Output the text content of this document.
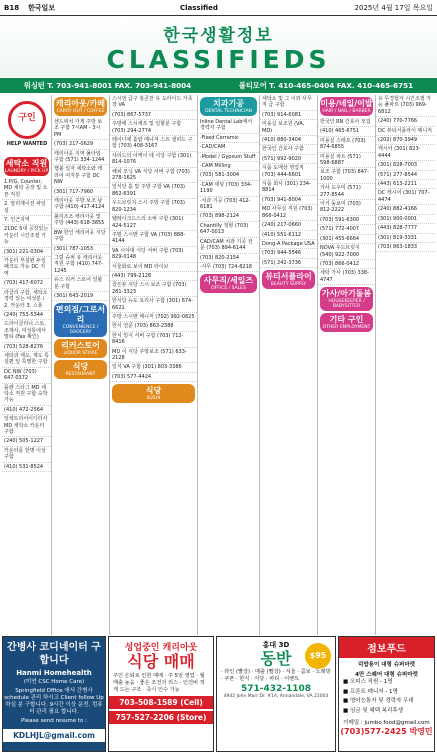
B18	한국일보	Classified	2025년 4월 17일 목요일
한국생활정보
CLASSIFIEDS
워싱턴 T. 703-941-8001 FAX. 703-941-8004	볼티모어 T. 410-465-0404 FAX. 410-465-6751
구인
HELP WANTED
세탁소 직원
LAUNDRY / PICK UP

1.P/G, Counter, MD 세탁 공장 및 오픈 직원

2. 알리제이션 파일설

7. 인근지역

21DC 5대 공장있는 카운터 시간조절 가능

(301) 221-0304

카운터 부설편 두일패크도 가능 DC 지역

(703) 417-6072

라클리 구함, 세탁소경력 있는 여성분 / 2. 카운터 3. 스폿

(240) 753-5344

드라이클리너 스토, 조제사, 여성통에서 멀티 (Fax 확인)

(703) 528-8276

세탁과 제도, 재도 특설편 일 특별한 구함

DC NW (703) 647-0372

플랜 스타그 MD 세탁소 직원 구함 숙박 가능

(410) 472-2564

일렉트리어이디터사 MD 세탁소 카운터 구함

(240) 505-1227

카운터를 한명 이상 구함

(410) 531-8524

캐리아웃/카페
CARRY OUT / COFFEE

센드위치 가게 주방 보조 구함 7시AM - 3시PM

(703) 217-0629

캐리아웃 지역 풀타임 구함 (571) 334-1244

햄볼 일자 세탁소와 캐리어 여자분 구함 DC NW

(301) 717-7960

캐리아웃 주방 보조 남 구함 (410) 417-4124

불리조조 캐리아웃 및 주방 (443) 618-3855

BW 한인 캐리어웃 식당 구함

(301) 787-1053

그릴 슈퍼 유 캐리아웃 직원 구함 (410) 747-1245

유스 리커 스토어 일할 분 구함

(301) 643-2019

편의점/그로서리
CONVENIENCE / GROCERY
리커스토어
LIQUOR STORE
식당
RESTAURANT

스시먼 급구 홍콘찬 유 도라이드 가족장 VA

(703) 867-5737

주방에 스시세프 및 일할분 구함 (703) 294-2774

레이디에 홀랍 매니저 스트 샐러드 구함 (703) 408-3167

샤리드의 아케이 테 식당 구함 (301) 814-1076

해피 모닝 VA 식당 서버 구함 (703) 278-1625

일식당 홀 및 주방 구함 VA (703) 862-6391

우드브릿지 스시 주방 구함 (703) 820-1234

텔레이크드스의 소바 구함 (301) 424-5127

주말 스시맨 구함 VA (703) 888-4144

VA 시야대 식당 서버 구함 (703) 829-0148

서울화로 보이 MD 라이브

(443) 799-2128

골든뷰 식당 스시 보조 구함 (703) 281-3323

한식당 뉴도 요리사 구함 (301) 674-6621

주방 스시맨 매니저 (702) 992-0825

한식 전문 (703) 863-2388

한식 일식 서버 구함 (703) 712-8416

MD 이 식당 주방보조 (571) 633-2128

일식 VA 구함 (301) 803-3386

(703) 577-4424

식당
SUSHI
치과기공
DENTAL TECHNICIAN

Inline Dental Lab에서 경력자 구함

·Fixed Cerramic

·CAD/CAM

·Model / Gypsum Stuff

·CAM Milling

(703) 581-3004

·CAM 세팅 (703) 334-1190

·치과 기공 (703) 412-6181

(703) 898-2124

Chantilly 정형 (703) 647-0013

CAD/CAM 치과 기공 전문 (703) 894-6144

(703) 820-2154

·사무 (703) 724-8218

사무직/세일즈
OFFICE / SALES

세탁소 및 그 이외 사무직 급 구함

(703) 914-6081

미용실 보조원 (VA, MD)

(410) 880-3404

한국인 간호사 구함

(571) 992-9020

식품 도매상 영업직 (703) 444-6601

식품 회사 (301) 234-8814

(703) 941-8004

MD 사무실 직원 (703) 866-0412

(240) 217-0660

(410) 551-6112

Dong-A Package USA

(703) 944-5546

(571) 242-3736

뷰티서플라이
BEAUTY SUPPLY
미용/네일/이발
HAIR / NAIL / BARBER

한국인 RN 간호사 모집

(410) 465-6751

미용실 스태프 (703) 874-6855

미용실 파트 (571) 598-6887

보조 구함 (703) 847-1000

가사 도우미 (571) 277-8544

아기 돌보미 (703) 812-2222

(703) 591-6300

(571) 772-4007

(301) 455-6664

NOVA 우드브릿지 (540) 922-7000

(703) 866-0412

세탁 가사 (703) 338-4747

가사/아기돌봄
HOUSEKEEPER / BABYSITTER
기타 구인
OTHER EMPLOYMENT

유 무경험자 시간조절 가능 풀파트 (703) 969-6812

(240) 770-7766

DC 뷰티서플라이 매니저

(202) 870-3949

캐시어 (301) 823-4444

(301) 828-7003

(571) 277-8544

(443) 613-2211

DC 캐시어 (301) 707-4474

(240) 882-4166

(301) 900-0001

(443) 828-7777

(301) 819-3331

(703) 863-1833

간병사 코디네이터 구합니다
Hanmi Homehealth
(미연 CSC Home Care)
Springfield Office 에서 간병사 schedule 관리 하시고 Client follow Up 하실 분 구합니다. 9시간 이상 운전, 컴퓨터 관리 필요 합니다.
Please send resume to :
KDLHJL@gmail.com
성업중인 캐리아웃
식당 매매
주인 은퇴로 인한 매매 · 주 5일 영업 · 월 매출 높음 · 좋은 조건의 리스 · 인건비 적게 드는 구조 · 즉시 인수 가능
703-508-1589 (Cell)
757-527-2206 (Store)
$95
홍대 3D
동반
· 라인 (빨강) · 매출 (빨강) · 서울 · 콤보 · 노래방 · 쿠폰 · 한식 · 식당 · 파티 · 이벤트
571-432-1108
4942 John Marr Dr. #1A, Annandale, VA 22003
점보푸드
덕밥용이 대형 슈퍼마켓
4만 스퀘어 대형 슈퍼마켓
■ 오피스 직원 - 1명
■ 프론트 매니저 - 1명
■ 영어능통자 및 경력자 우대
■ 임금 및 혜택 복리후생
이메일 : jumbo.food@gmail.com
(703)577-2425 박영민
